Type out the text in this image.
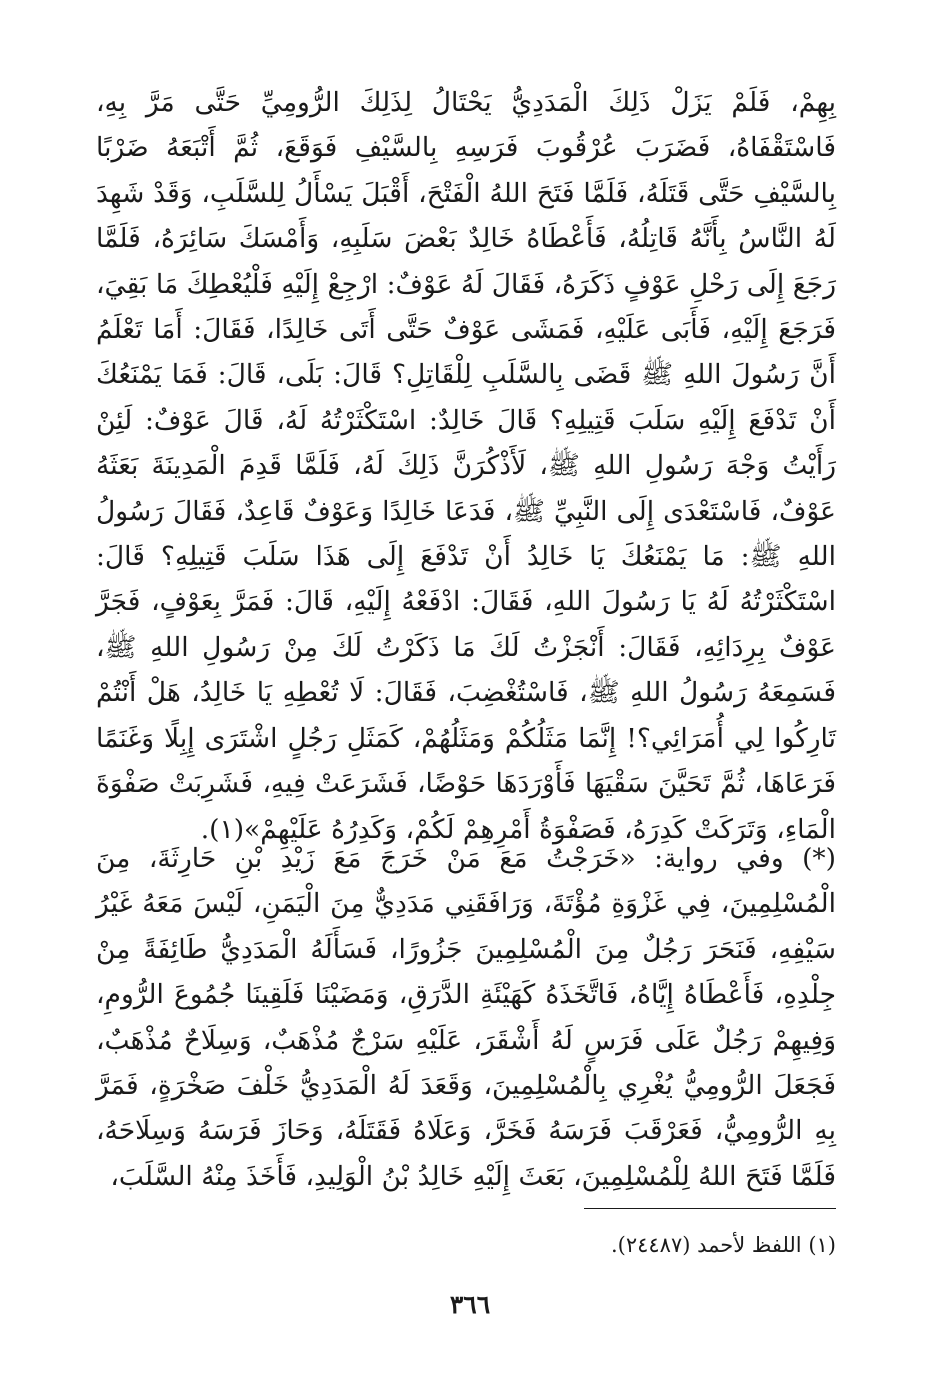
بِهِمْ، فَلَمْ يَزَلْ ذَلِكَ الْمَدَدِيُّ يَحْتَالُ لِذَلِكَ الرُّومِيِّ حَتَّى مَرَّ بِهِ، فَاسْتَقْفَاهُ، فَضَرَبَ عُرْقُوبَ فَرَسِهِ بِالسَّيْفِ فَوَقَعَ، ثُمَّ أَتْبَعَهُ ضَرْبًا بِالسَّيْفِ حَتَّى قَتَلَهُ، فَلَمَّا فَتَحَ اللهُ الْفَتْحَ، أَقْبَلَ يَسْأَلُ لِلسَّلَبِ، وَقَدْ شَهِدَ لَهُ النَّاسُ بِأَنَّهُ قَاتِلُهُ، فَأَعْطَاهُ خَالِدٌ بَعْضَ سَلَبِهِ، وَأَمْسَكَ سَائِرَهُ، فَلَمَّا رَجَعَ إِلَى رَحْلِ عَوْفٍ ذَكَرَهُ، فَقَالَ لَهُ عَوْفٌ: ارْجِعْ إِلَيْهِ فَلْيُعْطِكَ مَا بَقِيَ، فَرَجَعَ إِلَيْهِ، فَأَبَى عَلَيْهِ، فَمَشَى عَوْفٌ حَتَّى أَتَى خَالِدًا، فَقَالَ: أَمَا تَعْلَمُ أَنَّ رَسُولَ اللهِ ﷺ قَضَى بِالسَّلَبِ لِلْقَاتِلِ؟ قَالَ: بَلَى، قَالَ: فَمَا يَمْنَعُكَ أَنْ تَدْفَعَ إِلَيْهِ سَلَبَ قَتِيلِهِ؟ قَالَ خَالِدٌ: اسْتَكْثَرْتُهُ لَهُ، قَالَ عَوْفٌ: لَئِنْ رَأَيْتُ وَجْهَ رَسُولِ اللهِ ﷺ، لَأَذْكُرَنَّ ذَلِكَ لَهُ، فَلَمَّا قَدِمَ الْمَدِينَةَ بَعَثَهُ عَوْفٌ، فَاسْتَعْدَى إِلَى النَّبِيِّ ﷺ، فَدَعَا خَالِدًا وَعَوْفٌ قَاعِدٌ، فَقَالَ رَسُولُ اللهِ ﷺ: مَا يَمْنَعُكَ يَا خَالِدُ أَنْ تَدْفَعَ إِلَى هَذَا سَلَبَ قَتِيلِهِ؟ قَالَ: اسْتَكْثَرْتُهُ لَهُ يَا رَسُولَ اللهِ، فَقَالَ: ادْفَعْهُ إِلَيْهِ، قَالَ: فَمَرَّ بِعَوْفٍ، فَجَرَّ عَوْفٌ بِرِدَائِهِ، فَقَالَ: أَنْجَزْتُ لَكَ مَا ذَكَرْتُ لَكَ مِنْ رَسُولِ اللهِ ﷺ، فَسَمِعَهُ رَسُولُ اللهِ ﷺ، فَاسْتُغْضِبَ، فَقَالَ: لَا تُعْطِهِ يَا خَالِدُ، هَلْ أَنْتُمْ تَارِكُوا لِي أُمَرَائِي؟! إِنَّمَا مَثَلُكُمْ وَمَثَلُهُمْ، كَمَثَلِ رَجُلٍ اشْتَرَى إِبِلًا وَغَنَمًا فَرَعَاهَا، ثُمَّ تَحَيَّنَ سَقْيَهَا فَأَوْرَدَهَا حَوْضًا، فَشَرَعَتْ فِيهِ، فَشَرِبَتْ صَفْوَةَ الْمَاءِ، وَتَرَكَتْ كَدِرَهُ، فَصَفْوَةُ أَمْرِهِمْ لَكُمْ، وَكَدِرُهُ عَلَيْهِمْ»(١).

(*) وفي رواية: «خَرَجْتُ مَعَ مَنْ خَرَجَ مَعَ زَيْدِ بْنِ حَارِثَةَ، مِنَ الْمُسْلِمِينَ، فِي غَزْوَةِ مُؤْتَةَ، وَرَافَقَنِي مَدَدِيٌّ مِنَ الْيَمَنِ، لَيْسَ مَعَهُ غَيْرُ سَيْفِهِ، فَنَحَرَ رَجُلٌ مِنَ الْمُسْلِمِينَ جَزُورًا، فَسَأَلَهُ الْمَدَدِيُّ طَائِفَةً مِنْ جِلْدِهِ، فَأَعْطَاهُ إِيَّاهُ، فَاتَّخَذَهُ كَهَيْئَةِ الدَّرَقِ، وَمَضَيْنَا فَلَقِينَا جُمُوعَ الرُّومِ، وَفِيهِمْ رَجُلٌ عَلَى فَرَسٍ لَهُ أَشْقَرَ، عَلَيْهِ سَرْجٌ مُذْهَبٌ، وَسِلَاحٌ مُذْهَبٌ، فَجَعَلَ الرُّومِيُّ يُغْرِي بِالْمُسْلِمِينَ، وَقَعَدَ لَهُ الْمَدَدِيُّ خَلْفَ صَخْرَةٍ، فَمَرَّ بِهِ الرُّومِيُّ، فَعَرْقَبَ فَرَسَهُ فَخَرَّ، وَعَلَاهُ فَقَتَلَهُ، وَحَازَ فَرَسَهُ وَسِلَاحَهُ، فَلَمَّا فَتَحَ اللهُ لِلْمُسْلِمِينَ، بَعَثَ إِلَيْهِ خَالِدُ بْنُ الْوَلِيدِ، فَأَخَذَ مِنْهُ السَّلَبَ،

(١) اللفظ لأحمد (٢٤٤٨٧).
٣٦٦
